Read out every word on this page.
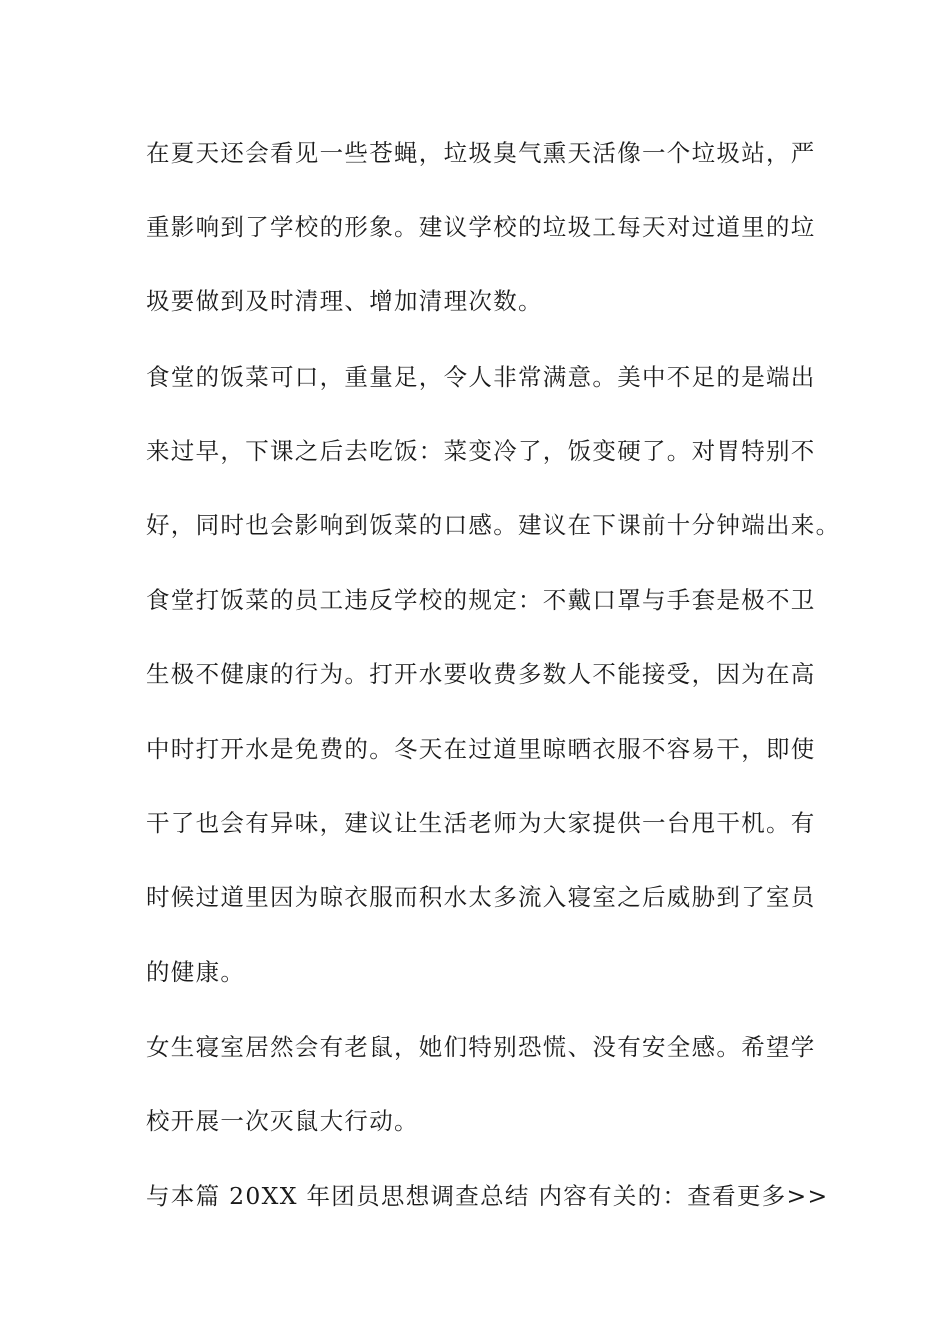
在夏天还会看见一些苍蝇，垃圾臭气熏天活像一个垃圾站，严
重影响到了学校的形象。建议学校的垃圾工每天对过道里的垃
圾要做到及时清理、增加清理次数。
食堂的饭菜可口，重量足，令人非常满意。美中不足的是端出
来过早，下课之后去吃饭：菜变冷了，饭变硬了。对胃特别不
好，同时也会影响到饭菜的口感。建议在下课前十分钟端出来。
食堂打饭菜的员工违反学校的规定：不戴口罩与手套是极不卫
生极不健康的行为。打开水要收费多数人不能接受，因为在高
中时打开水是免费的。冬天在过道里晾晒衣服不容易干，即使
干了也会有异味，建议让生活老师为大家提供一台甩干机。有
时候过道里因为晾衣服而积水太多流入寝室之后威胁到了室员
的健康。
女生寝室居然会有老鼠，她们特别恐慌、没有安全感。希望学
校开展一次灭鼠大行动。
与本篇 20XX 年团员思想调查总结 内容有关的：查看更多>>
